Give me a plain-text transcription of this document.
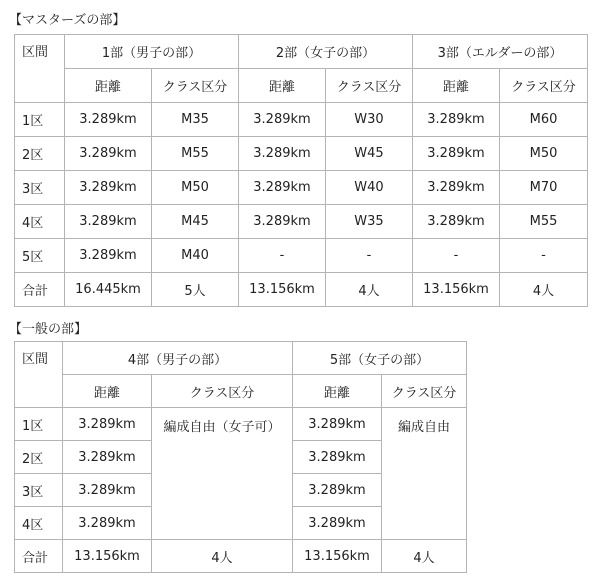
【マスターズの部】
区間	1部（男子の部）		2部（女子の部）		3部（エルダーの部）	
	距離	クラス区分	距離	クラス区分	距離	クラス区分
1区	3.289km	M35	3.289km	W30	3.289km	M60
2区	3.289km	M55	3.289km	W45	3.289km	M50
3区	3.289km	M50	3.289km	W40	3.289km	M70
4区	3.289km	M45	3.289km	W35	3.289km	M55
5区	3.289km	M40	-	-	-	-
合計	16.445km	5人	13.156km	4人	13.156km	4人
【一般の部】
区間	4部（男子の部）		5部（女子の部）	
	距離	クラス区分	距離	クラス区分
1区	3.289km	編成自由（女子可）	3.289km	編成自由
2区	3.289km		3.289km	
3区	3.289km		3.289km	
4区	3.289km		3.289km	
合計	13.156km	4人	13.156km	4人
